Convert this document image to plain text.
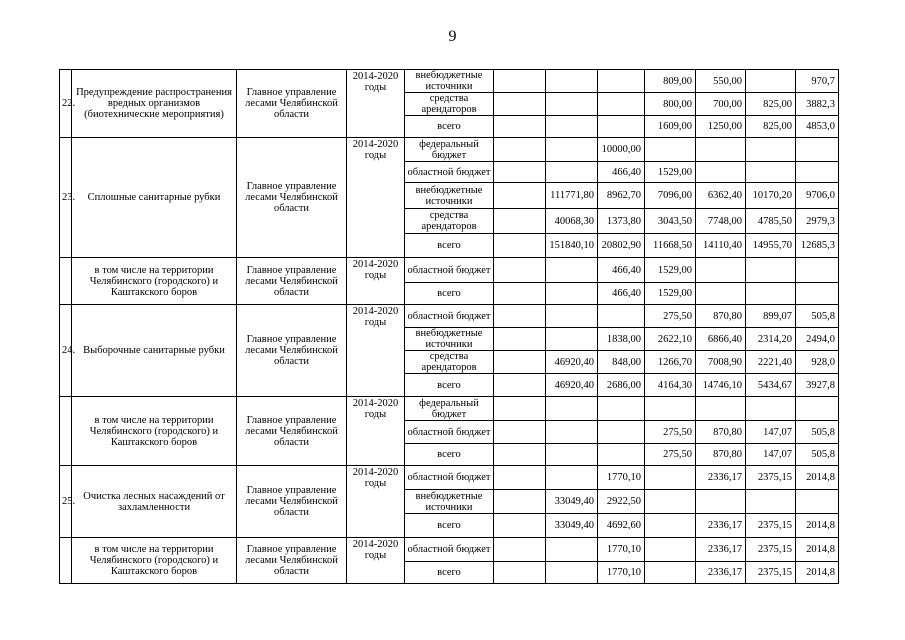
9
22.	Предупреждение распространения вредных организмов (биотехнические мероприятия)	Главное управление лесами Челябинской области	2014-2020 годы	внебюджетные источники				809,00	550,00		970,7
				средства арендаторов				800,00	700,00	825,00	3882,3
				всего				1609,00	1250,00	825,00	4853,0
23.	Сплошные санитарные рубки	Главное управление лесами Челябинской области	2014-2020 годы	федеральный бюджет			10000,00				
				областной бюджет			466,40	1529,00			
				внебюджетные источники		111771,80	8962,70	7096,00	6362,40	10170,20	9706,0
				средства арендаторов		40068,30	1373,80	3043,50	7748,00	4785,50	2979,3
				всего		151840,10	20802,90	11668,50	14110,40	14955,70	12685,3
	в том числе на территории Челябинского (городского) и Каштакского боров	Главное управление лесами Челябинской области	2014-2020 годы	областной бюджет			466,40	1529,00			
				всего			466,40	1529,00			
24.	Выборочные санитарные рубки	Главное управление лесами Челябинской области	2014-2020 годы	областной бюджет				275,50	870,80	899,07	505,8
				внебюджетные источники			1838,00	2622,10	6866,40	2314,20	2494,0
				средства арендаторов		46920,40	848,00	1266,70	7008,90	2221,40	928,0
				всего		46920,40	2686,00	4164,30	14746,10	5434,67	3927,8
	в том числе на территории Челябинского (городского) и Каштакского боров	Главное управление лесами Челябинской области	2014-2020 годы	федеральный бюджет							
				областной бюджет				275,50	870,80	147,07	505,8
				всего				275,50	870,80	147,07	505,8
25.	Очистка лесных насаждений от захламленности	Главное управление лесами Челябинской области	2014-2020 годы	областной бюджет			1770,10		2336,17	2375,15	2014,8
				внебюджетные источники		33049,40	2922,50				
				всего		33049,40	4692,60		2336,17	2375,15	2014,8
	в том числе на территории Челябинского (городского) и Каштакского боров	Главное управление лесами Челябинской области	2014-2020 годы	областной бюджет			1770,10		2336,17	2375,15	2014,8
				всего			1770,10		2336,17	2375,15	2014,8
